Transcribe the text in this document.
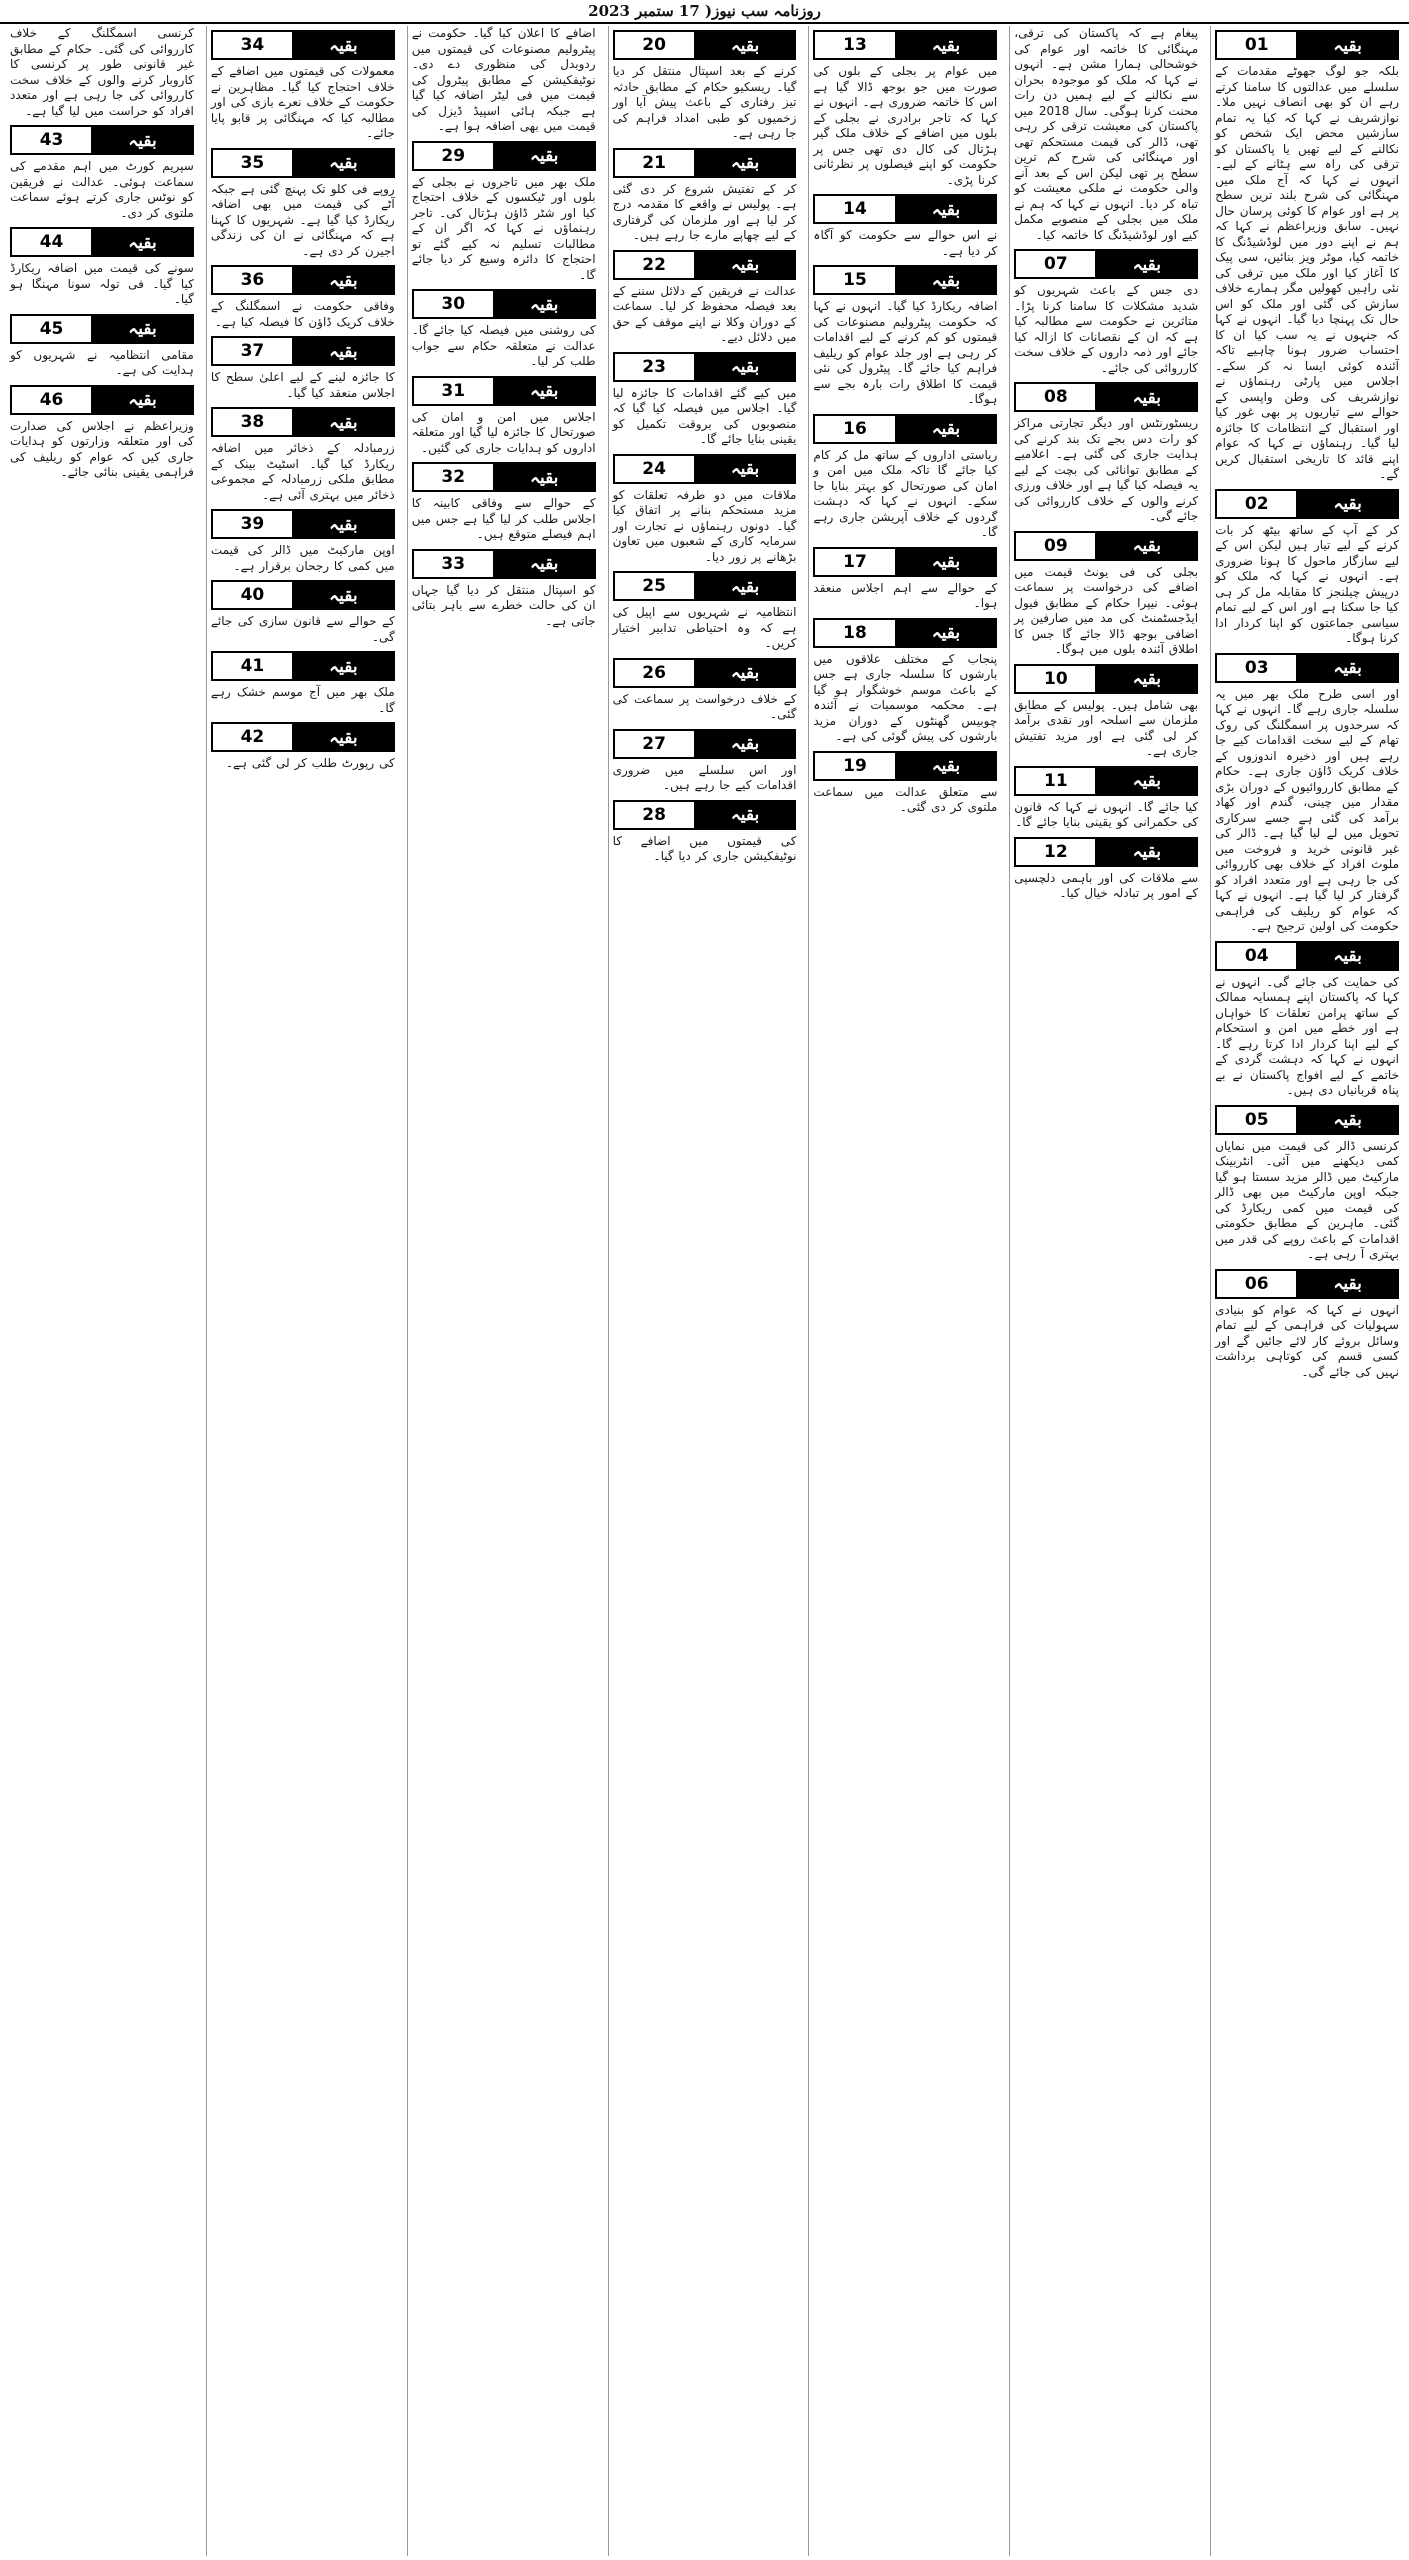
روزنامہ سب نیوز( 17 ستمبر 2023
01	بقیہ

بلکہ جو لوگ جھوٹے مقدمات کے سلسلے میں عدالتوں کا سامنا کرتے رہے ان کو بھی انصاف نہیں ملا۔ نوازشریف نے کہا کہ کیا یہ تمام سازشیں محض ایک شخص کو نکالنے کے لیے تھیں یا پاکستان کو ترقی کی راہ سے ہٹانے کے لیے۔ انہوں نے کہا کہ آج ملک میں مہنگائی کی شرح بلند ترین سطح پر ہے اور عوام کا کوئی پرسان حال نہیں۔ سابق وزیراعظم نے کہا کہ ہم نے اپنے دور میں لوڈشیڈنگ کا خاتمہ کیا، موٹر ویز بنائیں، سی پیک کا آغاز کیا اور ملک میں ترقی کی نئی راہیں کھولیں مگر ہمارے خلاف سازش کی گئی اور ملک کو اس حال تک پہنچا دیا گیا۔ انہوں نے کہا کہ جنہوں نے یہ سب کیا ان کا احتساب ضرور ہونا چاہیے تاکہ آئندہ کوئی ایسا نہ کر سکے۔ اجلاس میں پارٹی رہنماؤں نے نوازشریف کی وطن واپسی کے حوالے سے تیاریوں پر بھی غور کیا اور استقبال کے انتظامات کا جائزہ لیا گیا۔ رہنماؤں نے کہا کہ عوام اپنے قائد کا تاریخی استقبال کریں گے۔

02	بقیہ

کر کے آپ کے ساتھ بیٹھ کر بات کرنے کے لیے تیار ہیں لیکن اس کے لیے سازگار ماحول کا ہونا ضروری ہے۔ انہوں نے کہا کہ ملک کو درپیش چیلنجز کا مقابلہ مل کر ہی کیا جا سکتا ہے اور اس کے لیے تمام سیاسی جماعتوں کو اپنا کردار ادا کرنا ہوگا۔

03	بقیہ

اور اسی طرح ملک بھر میں یہ سلسلہ جاری رہے گا۔ انہوں نے کہا کہ سرحدوں پر اسمگلنگ کی روک تھام کے لیے سخت اقدامات کیے جا رہے ہیں اور ذخیرہ اندوزوں کے خلاف کریک ڈاؤن جاری ہے۔ حکام کے مطابق کارروائیوں کے دوران بڑی مقدار میں چینی، گندم اور کھاد برآمد کی گئی ہے جسے سرکاری تحویل میں لے لیا گیا ہے۔ ڈالر کی غیر قانونی خرید و فروخت میں ملوث افراد کے خلاف بھی کارروائی کی جا رہی ہے اور متعدد افراد کو گرفتار کر لیا گیا ہے۔ انہوں نے کہا کہ عوام کو ریلیف کی فراہمی حکومت کی اولین ترجیح ہے۔

04	بقیہ

کی حمایت کی جائے گی۔ انہوں نے کہا کہ پاکستان اپنے ہمسایہ ممالک کے ساتھ پرامن تعلقات کا خواہاں ہے اور خطے میں امن و استحکام کے لیے اپنا کردار ادا کرتا رہے گا۔ انہوں نے کہا کہ دہشت گردی کے خاتمے کے لیے افواج پاکستان نے بے پناہ قربانیاں دی ہیں۔

05	بقیہ

کرنسی ڈالر کی قیمت میں نمایاں کمی دیکھنے میں آئی۔ انٹربینک مارکیٹ میں ڈالر مزید سستا ہو گیا جبکہ اوپن مارکیٹ میں بھی ڈالر کی قیمت میں کمی ریکارڈ کی گئی۔ ماہرین کے مطابق حکومتی اقدامات کے باعث روپے کی قدر میں بہتری آ رہی ہے۔

06	بقیہ

انہوں نے کہا کہ عوام کو بنیادی سہولیات کی فراہمی کے لیے تمام وسائل بروئے کار لائے جائیں گے اور کسی قسم کی کوتاہی برداشت نہیں کی جائے گی۔

پیغام ہے کہ پاکستان کی ترقی، مہنگائی کا خاتمہ اور عوام کی خوشحالی ہمارا مشن ہے۔ انہوں نے کہا کہ ملک کو موجودہ بحران سے نکالنے کے لیے ہمیں دن رات محنت کرنا ہوگی۔ سال 2018 میں پاکستان کی معیشت ترقی کر رہی تھی، ڈالر کی قیمت مستحکم تھی اور مہنگائی کی شرح کم ترین سطح پر تھی لیکن اس کے بعد آنے والی حکومت نے ملکی معیشت کو تباہ کر دیا۔ انہوں نے کہا کہ ہم نے ملک میں بجلی کے منصوبے مکمل کیے اور لوڈشیڈنگ کا خاتمہ کیا۔

07	بقیہ

دی جس کے باعث شہریوں کو شدید مشکلات کا سامنا کرنا پڑا۔ متاثرین نے حکومت سے مطالبہ کیا ہے کہ ان کے نقصانات کا ازالہ کیا جائے اور ذمہ داروں کے خلاف سخت کارروائی کی جائے۔

08	بقیہ

ریسٹورنٹس اور دیگر تجارتی مراکز کو رات دس بجے تک بند کرنے کی ہدایت جاری کی گئی ہے۔ اعلامیے کے مطابق توانائی کی بچت کے لیے یہ فیصلہ کیا گیا ہے اور خلاف ورزی کرنے والوں کے خلاف کارروائی کی جائے گی۔

09	بقیہ

بجلی کی فی یونٹ قیمت میں اضافے کی درخواست پر سماعت ہوئی۔ نیپرا حکام کے مطابق فیول ایڈجسٹمنٹ کی مد میں صارفین پر اضافی بوجھ ڈالا جائے گا جس کا اطلاق آئندہ بلوں میں ہوگا۔

10	بقیہ

بھی شامل ہیں۔ پولیس کے مطابق ملزمان سے اسلحہ اور نقدی برآمد کر لی گئی ہے اور مزید تفتیش جاری ہے۔

11	بقیہ

کیا جائے گا۔ انہوں نے کہا کہ قانون کی حکمرانی کو یقینی بنایا جائے گا۔

12	بقیہ

سے ملاقات کی اور باہمی دلچسپی کے امور پر تبادلہ خیال کیا۔

13	بقیہ

میں عوام پر بجلی کے بلوں کی صورت میں جو بوجھ ڈالا گیا ہے اس کا خاتمہ ضروری ہے۔ انہوں نے کہا کہ تاجر برادری نے بجلی کے بلوں میں اضافے کے خلاف ملک گیر ہڑتال کی کال دی تھی جس پر حکومت کو اپنے فیصلوں پر نظرثانی کرنا پڑی۔

14	بقیہ

نے اس حوالے سے حکومت کو آگاہ کر دیا ہے۔

15	بقیہ

اضافہ ریکارڈ کیا گیا۔ انہوں نے کہا کہ حکومت پیٹرولیم مصنوعات کی قیمتوں کو کم کرنے کے لیے اقدامات کر رہی ہے اور جلد عوام کو ریلیف فراہم کیا جائے گا۔ پیٹرول کی نئی قیمت کا اطلاق رات بارہ بجے سے ہوگا۔

16	بقیہ

ریاستی اداروں کے ساتھ مل کر کام کیا جائے گا تاکہ ملک میں امن و امان کی صورتحال کو بہتر بنایا جا سکے۔ انہوں نے کہا کہ دہشت گردوں کے خلاف آپریشن جاری رہے گا۔

17	بقیہ

کے حوالے سے اہم اجلاس منعقد ہوا۔

18	بقیہ

پنجاب کے مختلف علاقوں میں بارشوں کا سلسلہ جاری ہے جس کے باعث موسم خوشگوار ہو گیا ہے۔ محکمہ موسمیات نے آئندہ چوبیس گھنٹوں کے دوران مزید بارشوں کی پیش گوئی کی ہے۔

19	بقیہ

سے متعلق عدالت میں سماعت ملتوی کر دی گئی۔

20	بقیہ

کرنے کے بعد اسپتال منتقل کر دیا گیا۔ ریسکیو حکام کے مطابق حادثہ تیز رفتاری کے باعث پیش آیا اور زخمیوں کو طبی امداد فراہم کی جا رہی ہے۔

21	بقیہ

کر کے تفتیش شروع کر دی گئی ہے۔ پولیس نے واقعے کا مقدمہ درج کر لیا ہے اور ملزمان کی گرفتاری کے لیے چھاپے مارے جا رہے ہیں۔

22	بقیہ

عدالت نے فریقین کے دلائل سننے کے بعد فیصلہ محفوظ کر لیا۔ سماعت کے دوران وکلا نے اپنے موقف کے حق میں دلائل دیے۔

23	بقیہ

میں کیے گئے اقدامات کا جائزہ لیا گیا۔ اجلاس میں فیصلہ کیا گیا کہ منصوبوں کی بروقت تکمیل کو یقینی بنایا جائے گا۔

24	بقیہ

ملاقات میں دو طرفہ تعلقات کو مزید مستحکم بنانے پر اتفاق کیا گیا۔ دونوں رہنماؤں نے تجارت اور سرمایہ کاری کے شعبوں میں تعاون بڑھانے پر زور دیا۔

25	بقیہ

انتظامیہ نے شہریوں سے اپیل کی ہے کہ وہ احتیاطی تدابیر اختیار کریں۔

26	بقیہ

کے خلاف درخواست پر سماعت کی گئی۔

27	بقیہ

اور اس سلسلے میں ضروری اقدامات کیے جا رہے ہیں۔

28	بقیہ

کی قیمتوں میں اضافے کا نوٹیفکیشن جاری کر دیا گیا۔

اضافے کا اعلان کیا گیا۔ حکومت نے پیٹرولیم مصنوعات کی قیمتوں میں ردوبدل کی منظوری دے دی۔ نوٹیفکیشن کے مطابق پیٹرول کی قیمت میں فی لیٹر اضافہ کیا گیا ہے جبکہ ہائی اسپیڈ ڈیزل کی قیمت میں بھی اضافہ ہوا ہے۔

29	بقیہ

ملک بھر میں تاجروں نے بجلی کے بلوں اور ٹیکسوں کے خلاف احتجاج کیا اور شٹر ڈاؤن ہڑتال کی۔ تاجر رہنماؤں نے کہا کہ اگر ان کے مطالبات تسلیم نہ کیے گئے تو احتجاج کا دائرہ وسیع کر دیا جائے گا۔

30	بقیہ

کی روشنی میں فیصلہ کیا جائے گا۔ عدالت نے متعلقہ حکام سے جواب طلب کر لیا۔

31	بقیہ

اجلاس میں امن و امان کی صورتحال کا جائزہ لیا گیا اور متعلقہ اداروں کو ہدایات جاری کی گئیں۔

32	بقیہ

کے حوالے سے وفاقی کابینہ کا اجلاس طلب کر لیا گیا ہے جس میں اہم فیصلے متوقع ہیں۔

33	بقیہ

کو اسپتال منتقل کر دیا گیا جہاں ان کی حالت خطرے سے باہر بتائی جاتی ہے۔

34	بقیہ

معمولات کی قیمتوں میں اضافے کے خلاف احتجاج کیا گیا۔ مظاہرین نے حکومت کے خلاف نعرے بازی کی اور مطالبہ کیا کہ مہنگائی پر قابو پایا جائے۔

35	بقیہ

روپے فی کلو تک پہنچ گئی ہے جبکہ آٹے کی قیمت میں بھی اضافہ ریکارڈ کیا گیا ہے۔ شہریوں کا کہنا ہے کہ مہنگائی نے ان کی زندگی اجیرن کر دی ہے۔

36	بقیہ

وفاقی حکومت نے اسمگلنگ کے خلاف کریک ڈاؤن کا فیصلہ کیا ہے۔

37	بقیہ

کا جائزہ لینے کے لیے اعلیٰ سطح کا اجلاس منعقد کیا گیا۔

38	بقیہ

زرمبادلہ کے ذخائر میں اضافہ ریکارڈ کیا گیا۔ اسٹیٹ بینک کے مطابق ملکی زرمبادلہ کے مجموعی ذخائر میں بہتری آئی ہے۔

39	بقیہ

اوپن مارکیٹ میں ڈالر کی قیمت میں کمی کا رجحان برقرار ہے۔

40	بقیہ

کے حوالے سے قانون سازی کی جائے گی۔

41	بقیہ

ملک بھر میں آج موسم خشک رہے گا۔

42	بقیہ

کی رپورٹ طلب کر لی گئی ہے۔

کرنسی اسمگلنگ کے خلاف کارروائی کی گئی۔ حکام کے مطابق غیر قانونی طور پر کرنسی کا کاروبار کرنے والوں کے خلاف سخت کارروائی کی جا رہی ہے اور متعدد افراد کو حراست میں لیا گیا ہے۔

43	بقیہ

سپریم کورٹ میں اہم مقدمے کی سماعت ہوئی۔ عدالت نے فریقین کو نوٹس جاری کرتے ہوئے سماعت ملتوی کر دی۔

44	بقیہ

سونے کی قیمت میں اضافہ ریکارڈ کیا گیا۔ فی تولہ سونا مہنگا ہو گیا۔

45	بقیہ

مقامی انتظامیہ نے شہریوں کو ہدایت کی ہے۔

46	بقیہ

وزیراعظم نے اجلاس کی صدارت کی اور متعلقہ وزارتوں کو ہدایات جاری کیں کہ عوام کو ریلیف کی فراہمی یقینی بنائی جائے۔
